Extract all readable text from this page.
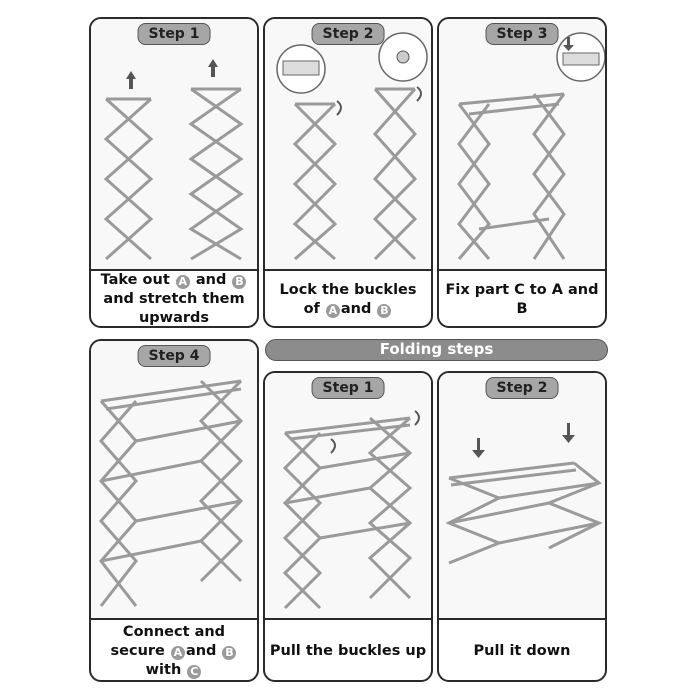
Step 1
Take out A and B and stretch them upwards
Step 2
Lock the buckles of A and B
Step 3
Fix part C to A and B
Step 4
Connect and secure A and B with C
Folding steps
Step 1
Pull the buckles up
Step 2
Pull it down
